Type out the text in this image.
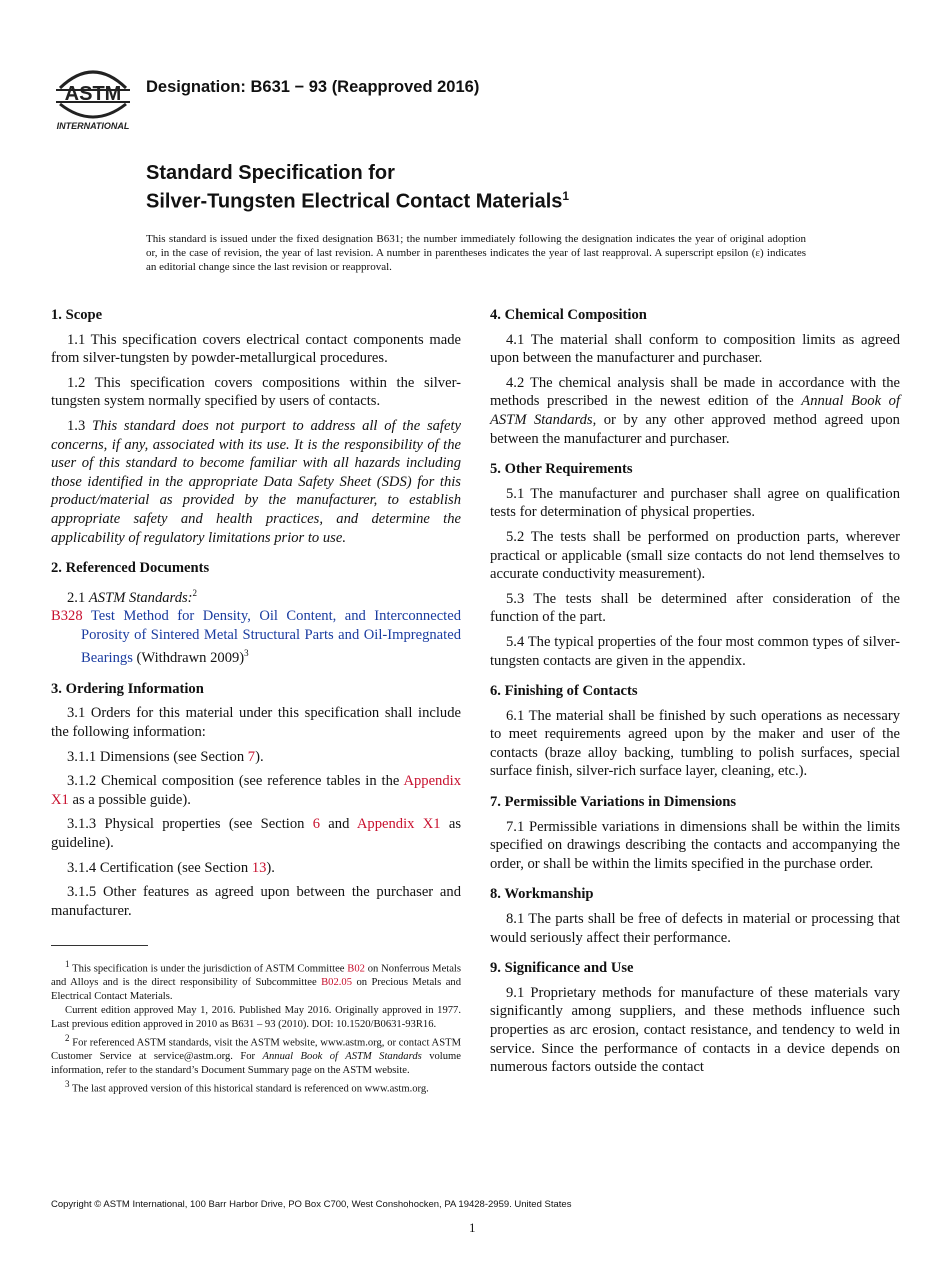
ASTM
INTERNATIONAL
Designation: B631 − 93 (Reapproved 2016)
Standard Specification for
Silver-Tungsten Electrical Contact Materials$^1$
This standard is issued under the fixed designation B631; the number immediately following the designation indicates the year of original adoption or, in the case of revision, the year of last revision. A number in parentheses indicates the year of last reapproval. A superscript epsilon (ε) indicates an editorial change since the last revision or reapproval.
1. Scope

1.1 This specification covers electrical contact components made from silver-tungsten by powder-metallurgical procedures.

1.2 This specification covers compositions within the silver-tungsten system normally specified by users of contacts.

1.3 This standard does not purport to address all of the safety concerns, if any, associated with its use. It is the responsibility of the user of this standard to become familiar with all hazards including those identified in the appropriate Data Safety Sheet (SDS) for this product/material as provided by the manufacturer, to establish appropriate safety and health practices, and determine the applicability of regulatory limitations prior to use.

2. Referenced Documents

2.1 ASTM Standards:$^2$

B328 Test Method for Density, Oil Content, and Interconnected Porosity of Sintered Metal Structural Parts and Oil-Impregnated Bearings (Withdrawn 2009)$^3$

3. Ordering Information

3.1 Orders for this material under this specification shall include the following information:

3.1.1 Dimensions (see Section 7).

3.1.2 Chemical composition (see reference tables in the Appendix X1 as a possible guide).

3.1.3 Physical properties (see Section 6 and Appendix X1 as guideline).

3.1.4 Certification (see Section 13).

3.1.5 Other features as agreed upon between the purchaser and manufacturer.

$^1$ This specification is under the jurisdiction of ASTM Committee B02 on Nonferrous Metals and Alloys and is the direct responsibility of Subcommittee B02.05 on Precious Metals and Electrical Contact Materials.

Current edition approved May 1, 2016. Published May 2016. Originally approved in 1977. Last previous edition approved in 2010 as B631 – 93 (2010). DOI: 10.1520/B0631-93R16.

$^2$ For referenced ASTM standards, visit the ASTM website, www.astm.org, or contact ASTM Customer Service at service@astm.org. For Annual Book of ASTM Standards volume information, refer to the standard’s Document Summary page on the ASTM website.

$^3$ The last approved version of this historical standard is referenced on www.astm.org.

4. Chemical Composition

4.1 The material shall conform to composition limits as agreed upon between the manufacturer and purchaser.

4.2 The chemical analysis shall be made in accordance with the methods prescribed in the newest edition of the Annual Book of ASTM Standards, or by any other approved method agreed upon between the manufacturer and purchaser.

5. Other Requirements

5.1 The manufacturer and purchaser shall agree on qualification tests for determination of physical properties.

5.2 The tests shall be performed on production parts, wherever practical or applicable (small size contacts do not lend themselves to accurate conductivity measurement).

5.3 The tests shall be determined after consideration of the function of the part.

5.4 The typical properties of the four most common types of silver-tungsten contacts are given in the appendix.

6. Finishing of Contacts

6.1 The material shall be finished by such operations as necessary to meet requirements agreed upon by the maker and user of the contacts (braze alloy backing, tumbling to polish surfaces, special surface finish, silver-rich surface layer, cleaning, etc.).

7. Permissible Variations in Dimensions

7.1 Permissible variations in dimensions shall be within the limits specified on drawings describing the contacts and accompanying the order, or shall be within the limits specified in the purchase order.

8. Workmanship

8.1 The parts shall be free of defects in material or processing that would seriously affect their performance.

9. Significance and Use

9.1 Proprietary methods for manufacture of these materials vary significantly among suppliers, and these methods influence such properties as arc erosion, contact resistance, and tendency to weld in service. Since the performance of contacts in a device depends on numerous factors outside the contact

Copyright © ASTM International, 100 Barr Harbor Drive, PO Box C700, West Conshohocken, PA 19428-2959. United States
1
